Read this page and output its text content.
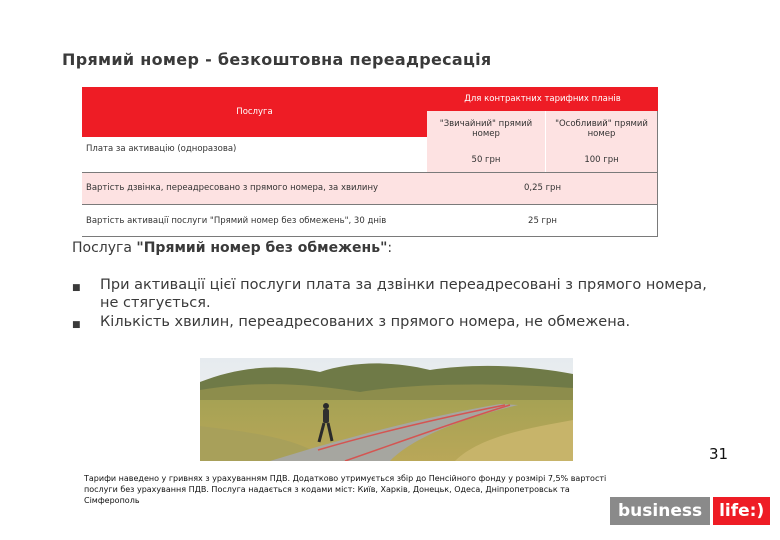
Прямий номер - безкоштовна переадресація
Послуга
Для контрактних тарифних планів
"Звичайний" прямий номер
"Особливий" прямий номер
Плата за активацію (одноразова)
50 грн	100 грн
Вартість дзвінка, переадресовано з прямого номера, за хвилину	0,25 грн
Вартість активації послуги "Прямий номер без обмежень", 30 днів	25 грн
Послуга "Прямий номер без обмежень":
■	При активації цієї послуги плата за дзвінки переадресовані з прямого номера, не стягується.
■	Кількість хвилин, переадресованих з прямого номера, не обмежена.
31
Тарифи наведено у гривнях з урахуванням ПДВ. Додатково утримується збір до Пенсійного фонду у розмірі 7,5% вартості послуги без урахування ПДВ. Послуга надається з кодами міст: Київ, Харків, Донецьк, Одеса, Дніпропетровськ та Сімферополь
business	life:)
